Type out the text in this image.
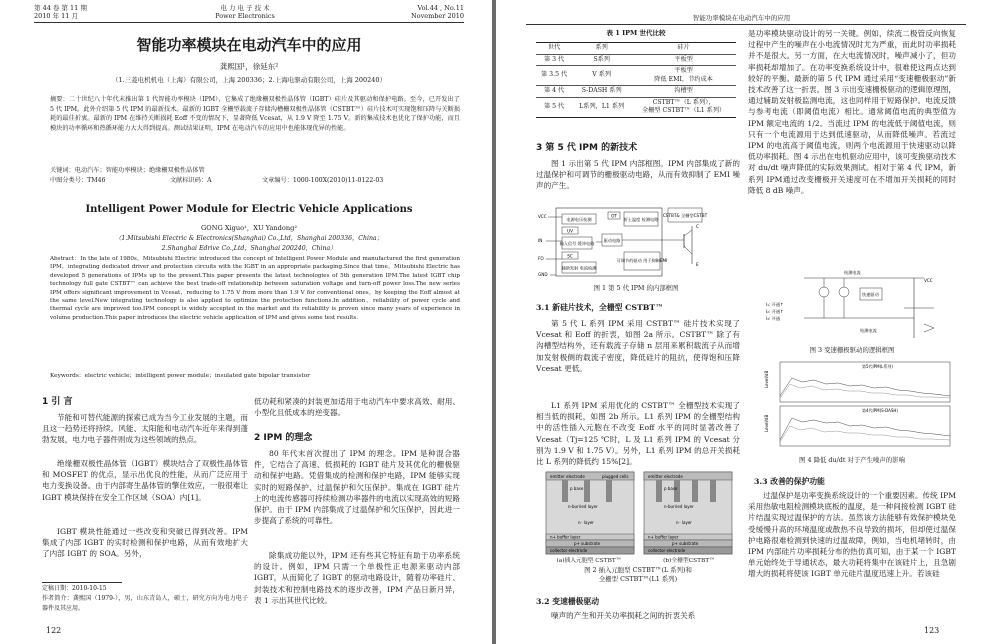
第 44 卷 第 11 期
2010 年 11 月
电 力 电 子 技 术
Power Electronics
Vol.44 , No.11
November 2010
智能功率模块在电动汽车中的应用
龚熙国¹，徐延东²
（1.三菱电机机电（上海）有限公司，上海 200336；2.上海电驱动有限公司，上海 200240）
摘要：二十世纪八十年代末推出第 1 代智能功率模块（IPM），它集成了绝缘栅双极性晶体管（IGBT）硅片及其驱动和保护电路。至今，已开发出了 5 代 IPM。此外介绍第 5 代 IPM 的最新技术。最新的 IGBT 全栅型载流子存储沟槽栅双极性晶体管（CSTBT™）硅片技术可实现饱和压降与关断损耗的最佳折衷。最新的 IPM 在维持关断损耗 Eoff 不变的情况下，显著降低 Vcesat，从 1.9 V 降至 1.75 V。新的集成技术也优化了保护功能，而且模块的功率循环和热循环能力大大得到提高。测试结果证明，IPM 在电动汽车的应用中也能体现优异的性能。
关键词：电动汽车；智能功率模块；绝缘栅双极性晶体管
中图分类号：TM46	文献标识码：A	文章编号：1000-100X(2010)11-0122-03
Intelligent Power Module for Electric Vehicle Applications
GONG Xiguo¹，XU Yandong²
（1.Mitsubishi Electric & Electronics(Shanghai) Co.,Ltd，Shanghai 200336，China；
2.Shanghai Edrive Co.,Ltd，Shanghai 200240，China）
Abstract：In the late of 1980s，Mitsubishi Electric introduced the concept of Intelligent Power Module and manufactured the first generation IPM，integrating dedicated driver and protection circuits with the IGBT in an appropriate packaging.Since that time，Mitsubishi Electric has developed 5 generations of IPMs up to the present.This paper presents the latest technologies of 5th generation IPM.The latest IGBT chip technology full gate CSTBT™ can achieve the best trade-off relationship between saturation voltage and turn-off power loss.The new series IPM offers significant improvement in Vcesat，reducing to 1.75 V from more than 1.9 V for conventional ones，by keeping the Eoff almost at the same level.New integrating technology is also applied to optimize the protection functions.In addition，reliability of power cycle and thermal cycle are improved too.IPM concept is widely accepted in the market and its reliability is proven since many years of experience in volume production.This paper introduces the electric vehicle application of IPM and gives some test results.
Keywords：electric vehicle；intelligent power module；insulated gate bipolar transistor
1 引 言
节能和可替代能源的探索已成为当今工业发展的主题，而且这一趋势还将持续。风能、太阳能和电动汽车近年来得到蓬勃发展，电力电子器件则成为这些领域的热点。
绝缘栅双极性晶体管（IGBT）模块结合了双极性晶体管和 MOSFET 的优点，显示出优良的性能，从而广泛应用于电力变换设备。由于内部寄生晶体管的擎住效应，一般很难让 IGBT 模块保持在安全工作区域（SOA）内[1]。
IGBT 模块性能通过一些改变和突破已得到改善。IPM 集成了内部 IGBT 的实时检测和保护电路，从而有效地扩大了内部 IGBT 的 SOA。另外，
定稿日期：2010-10-15
作者简介：龚熙国（1979-），男，山东青岛人，硕士，研究方向为电力电子器件及其应用。
低功耗和紧凑的封装更加适用于电动汽车中要求高效、耐用、小型化且低成本的逆变器。
2 IPM 的理念
80 年代末首次提出了 IPM 的理念。IPM 是种混合器件，它结合了高速、低损耗的 IGBT 硅片及其优化的栅极驱动和保护电路。凭借集成的检测和保护电路，IPM 能够实现实时的短路保护、过温保护和欠压保护。集成在 IGBT 硅片上的电流传感器可持续检测功率器件的电流以实现高效的短路保护。由于 IPM 内部集成了过温保护和欠压保护，因此进一步提高了系统的可靠性。
除集成功能以外，IPM 还有些其它特征有助于功率系统的设计。例如，IPM 只需一个单极性正电源来驱动内部 IGBT，从而简化了 IGBT 的驱动电路设计，随着功率硅片、封装技术和控制电路技术的逐步改善，IPM 产品日新月异，表 1 示出其世代比较。
122
智能功率模块在电动汽车中的应用
表 1 IPM 世代比较
世代	系列	硅片
第 3 代	S系列	平板型
第 3.5 代	V 系列	平板型
降低 EMI，节约成本
第 4 代	S-DASH 系列	沟槽型
第 5 代	L系列，L1 系列	CSTBT™（L 系列），
全栅型 CSTBT™（L1 系列）
3 第 5 代 IPM 的新技术
图 1 示出第 5 代 IPM 内部框图。IPM 内部集成了新的过温保护和可调节的栅极驱动电路，从而有效抑制了 EMI 噪声的产生。
电源电压检测
UV
输入信号 缓冲电路
SC
辅助发射 电流检测
OT
折土温度 检测电路
驱动电路
可调节的驱动 用于抑制EMI
CSTBT& 全栅型CSTBT
C
E
VCC
IN
FO
GND
图 1 第 5 代 IPM 的内部框图
3.1 新硅片技术，全栅型 CSTBT™
第 5 代 L 系列 IPM 采用 CSTBT™ 硅片技术实现了 Vcesat 和 Eoff 的折衷，如图 2a 所示。CSTBT™ 除了有沟槽型结构外，还有载流子存储 n 层用来累积载流子从而增加发射极侧的载流子密度，降低硅片的阻抗，使得饱和压降 Vcesat 更低。
L1 系列 IPM 采用优化的 CSTBT™ 全栅型技术实现了相当低的损耗，如图 2b 所示。L1 系列 IPM 的全栅型结构中的活性插入元胞在不改变 Eoff 水平的同时显著改善了 Vcesat（Tj=125 ℃时，L 及 L1 系列 IPM 的 Vcesat 分别为 1.9 V 和 1.75 V）。另外，L1 系列 IPM 的总开关损耗比 L 系列的降低约 15%[2]。
emitter electrode	plugged cells
p base
n-burried layer
n⁻ layer
n+ buffer layer
p+ substrate
collector electrode
emitter electrode
p base
n-burried layer
n⁻ layer
n+ buffer layer
p+ substrate
collector electrode
(a)插入元胞型 CSTBT™	(b)全栅型CSTBT™
图 2 插入元胞型 CSTBT™(L 系列)和
全栅型 CSTBT™(L1 系列)
3.2 变速栅极驱动
噪声的产生和开关功率损耗之间的折衷关系
是功率模块驱动设计的另一关键。例如，续流二极管反向恢复过程中产生的噪声在小电流情况时尤为严重，而此时功率损耗并不是很大。另一方面，在大电流情况时，噪声减小了，但功率损耗却增加了。在功率变换系统设计中，很难使这两点达到较好的平衡。最新的第 5 代 IPM 通过采用“变速栅极驱动”新技术改善了这一折衷。图 3 示出变速栅极驱动的逻辑原理图，通过辅助发射极监测电流，这也同样用于短路保护。电流反馈与参考电流（即阈值电流）相比。通常阈值电流的典型值为 IPM 额定电流的 1/2。当流过 IPM 的电流低于阈值电流，则只有一个电流源用于达到低速驱动，从而降低噪声。若流过 IPM 的电流高于阈值电流，则两个电流源用于快速驱动以降低功率损耗。图 4 示出在电机驱动应用中，该可变换驱动技术对 du/dt 噪声降低的实际效果测试。相对于第 4 代 IPM，新系列 IPM通过改变栅极开关速度可在不增加开关损耗的同时降低 8 dB 噪声。
检测电流
I₁: 开通↑
I₂: 开通↑
I₃: 开通
快速驱动
检测电流
VCC
图 3 变速栅极驱动的逻辑框图
第5代IPM(L系列)
第4代IPM(S-DASH)
Level/dB
Level/dB
图 4 降低 du/dt 对于产生噪声的影响
3.3 改善的保护功能
过温保护是功率变换系统设计的一个重要因素。传统 IPM 采用热敏电阻检测模块底板的温度，是一种间接检测 IGBT 硅片结温实现过温保护的方法。虽然该方法能够有效保护模块免受缓慢升高的环境温度或散热不良导致的损坏，但却使过温保护电路很难检测到快速的过温故障，例如，当电机堵转时，由 IPM 内部硅片功率损耗分布的热仿真可知，由于某一个 IGBT 单元始终处于导通状态，最大功耗将集中在该硅片上，且急剧增大的损耗将使该 IGBT 单元硅片温度迅速上升。若该硅
123
